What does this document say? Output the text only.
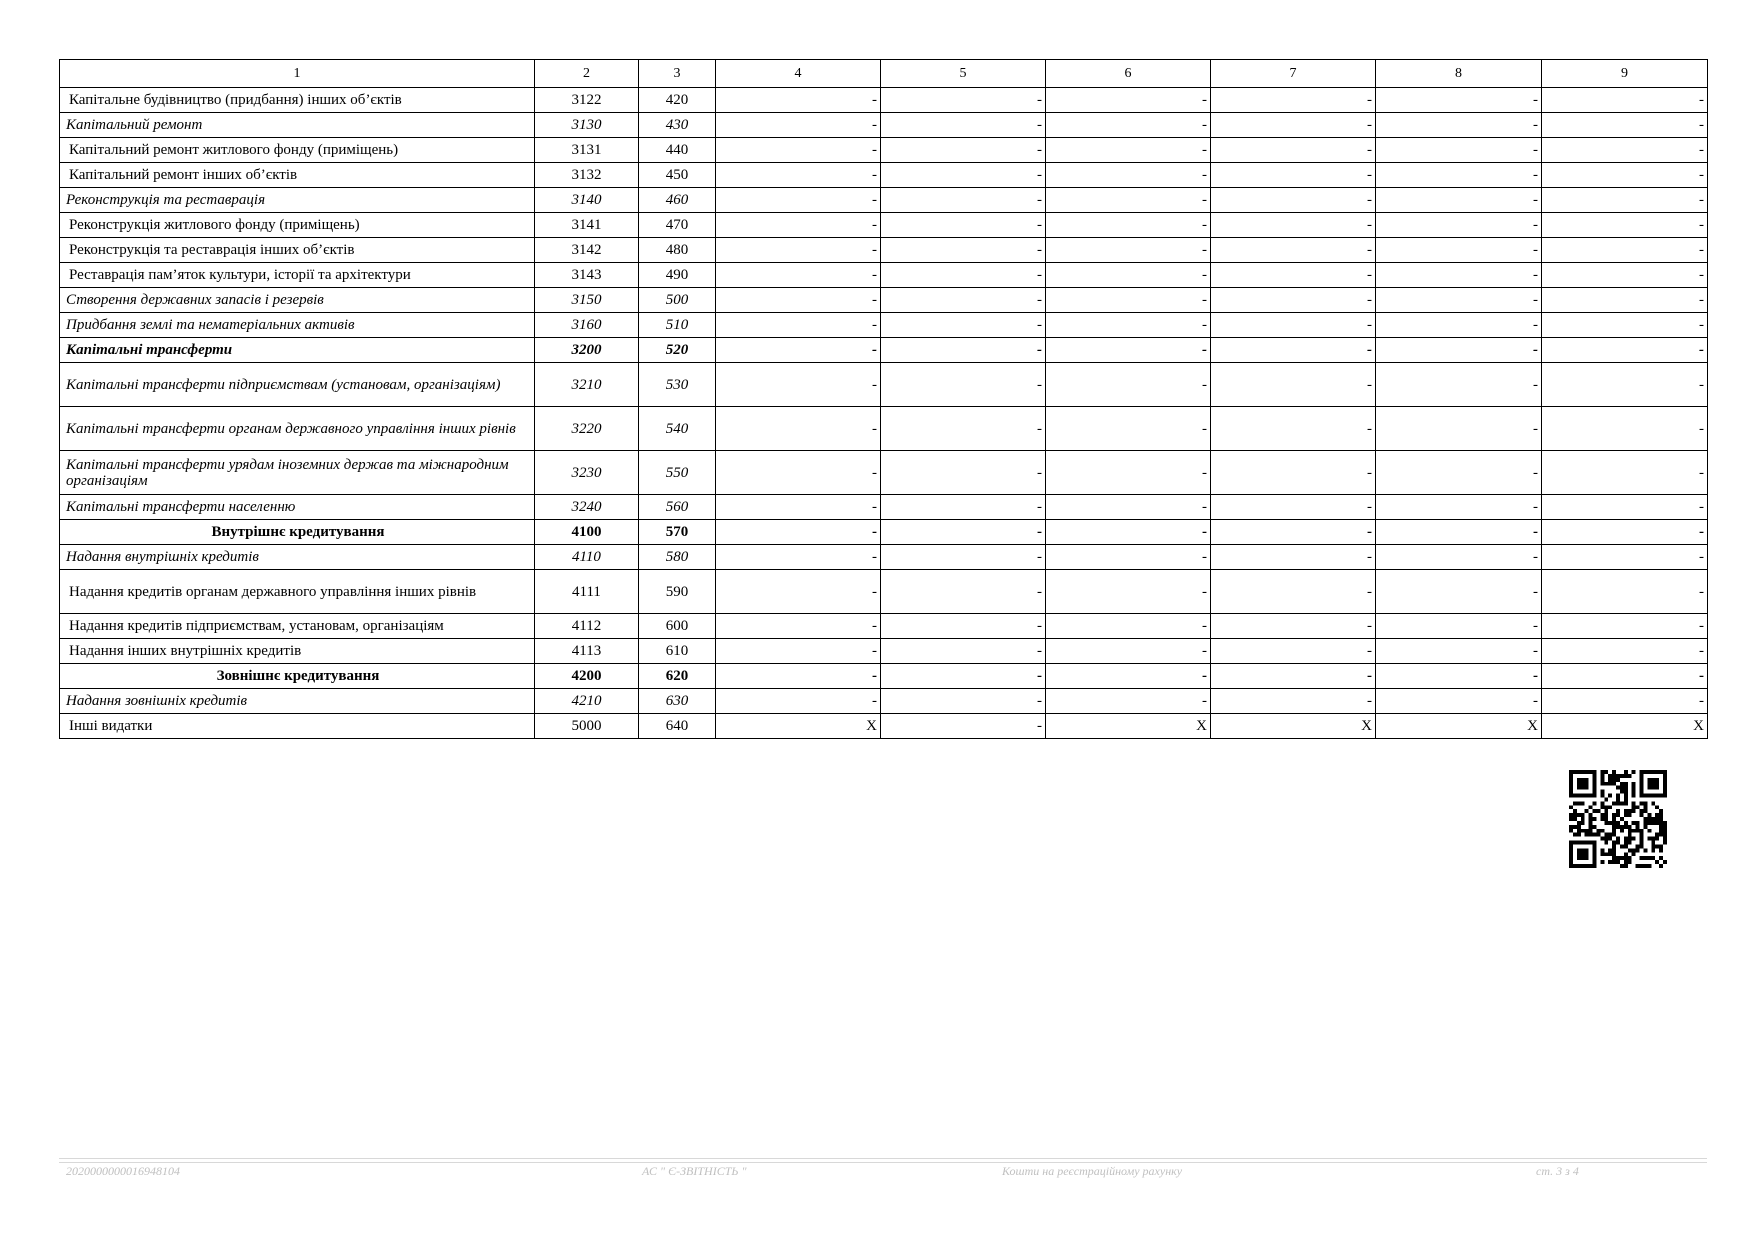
1	2	3	4	5	6	7	8	9
Капітальне будівництво (придбання) інших об’єктів	3122	420	-	-	-	-	-	-
Капітальний ремонт	3130	430	-	-	-	-	-	-
Капітальний ремонт житлового фонду (приміщень)	3131	440	-	-	-	-	-	-
Капітальний ремонт інших об’єктів	3132	450	-	-	-	-	-	-
Реконструкція та реставрація	3140	460	-	-	-	-	-	-
Реконструкція житлового фонду (приміщень)	3141	470	-	-	-	-	-	-
Реконструкція та реставрація інших об’єктів	3142	480	-	-	-	-	-	-
Реставрація пам’яток культури, історії та архітектури	3143	490	-	-	-	-	-	-
Створення державних запасів і резервів	3150	500	-	-	-	-	-	-
Придбання землі та нематеріальних активів	3160	510	-	-	-	-	-	-
Капітальні трансферти	3200	520	-	-	-	-	-	-
Капітальні трансферти підприємствам (установам, організаціям)	3210	530	-	-	-	-	-	-
Капітальні трансферти органам державного управління інших рівнів	3220	540	-	-	-	-	-	-
Капітальні трансферти урядам іноземних держав та міжнародним організаціям	3230	550	-	-	-	-	-	-
Капітальні трансферти населенню	3240	560	-	-	-	-	-	-
Внутрішнє кредитування	4100	570	-	-	-	-	-	-
Надання внутрішніх кредитів	4110	580	-	-	-	-	-	-
Надання кредитів органам державного управління інших рівнів	4111	590	-	-	-	-	-	-
Надання кредитів підприємствам, установам, організаціям	4112	600	-	-	-	-	-	-
Надання інших внутрішніх кредитів	4113	610	-	-	-	-	-	-
Зовнішнє кредитування	4200	620	-	-	-	-	-	-
Надання зовнішніх кредитів	4210	630	-	-	-	-	-	-
Інші видатки	5000	640	X	-	X	X	X	X
2020000000016948104	АС " Є-ЗВІТНІСТЬ "	Кошти на реєстраційному рахунку	ст. 3 з 4
